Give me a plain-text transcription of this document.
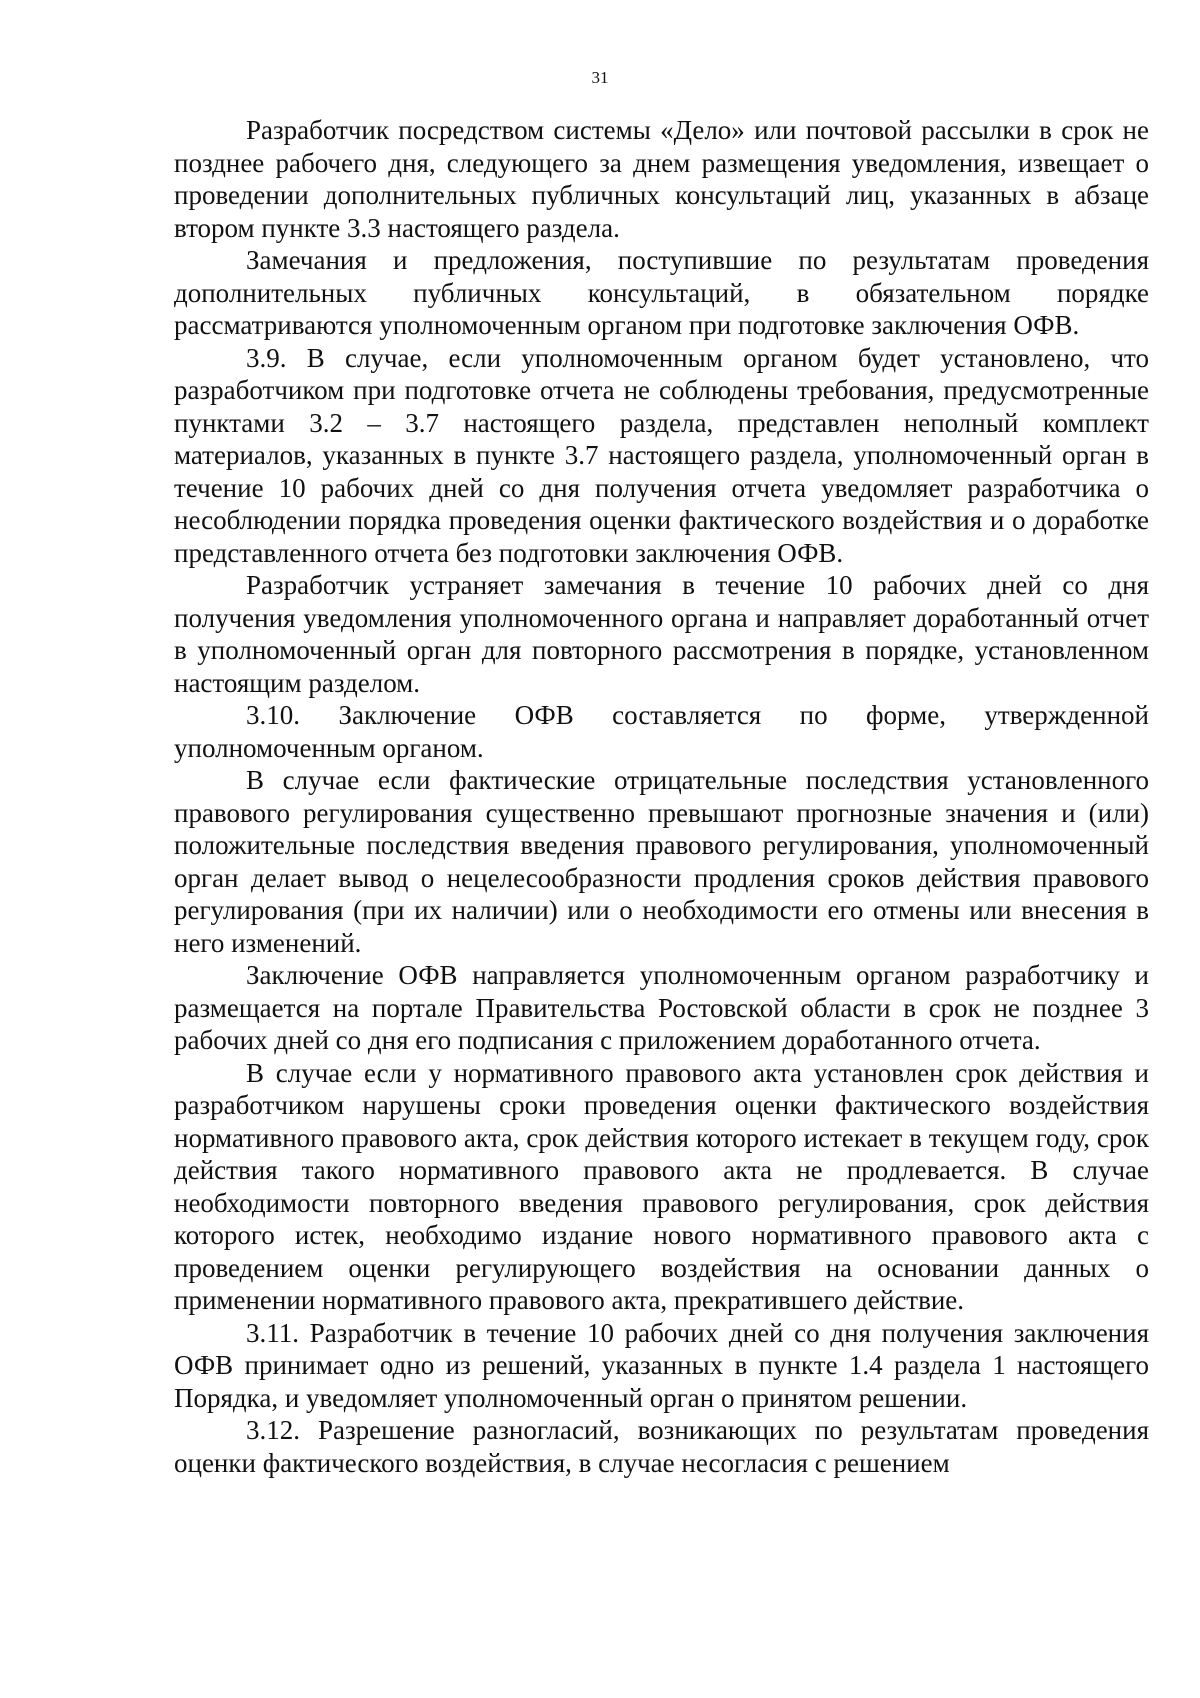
31

Разработчик посредством системы «Дело» или почтовой рассылки в срок не позднее рабочего дня, следующего за днем размещения уведомления, извещает о проведении дополнительных публичных консультаций лиц, указанных в абзаце втором пункте 3.3 настоящего раздела.

Замечания и предложения, поступившие по результатам проведения дополнительных публичных консультаций, в обязательном порядке рассматриваются уполномоченным органом при подготовке заключения ОФВ.

3.9. В случае, если уполномоченным органом будет установлено, что разработчиком при подготовке отчета не соблюдены требования, предусмотренные пунктами 3.2 – 3.7 настоящего раздела, представлен неполный комплект материалов, указанных в пункте 3.7 настоящего раздела, уполномоченный орган в течение 10 рабочих дней со дня получения отчета уведомляет разработчика о несоблюдении порядка проведения оценки фактического воздействия и о доработке представленного отчета без подготовки заключения ОФВ.

Разработчик устраняет замечания в течение 10 рабочих дней со дня получения уведомления уполномоченного органа и направляет доработанный отчет в уполномоченный орган для повторного рассмотрения в порядке, установленном настоящим разделом.

3.10. Заключение ОФВ составляется по форме, утвержденной уполномоченным органом.

В случае если фактические отрицательные последствия установленного правового регулирования существенно превышают прогнозные значения и (или) положительные последствия введения правового регулирования, уполномоченный орган делает вывод о нецелесообразности продления сроков действия правового регулирования (при их наличии) или о необходимости его отмены или внесения в него изменений.

Заключение ОФВ направляется уполномоченным органом разработчику и размещается на портале Правительства Ростовской области в срок не позднее 3 рабочих дней со дня его подписания с приложением доработанного отчета.

В случае если у нормативного правового акта установлен срок действия и разработчиком нарушены сроки проведения оценки фактического воздействия нормативного правового акта, срок действия которого истекает в текущем году, срок действия такого нормативного правового акта не продлевается. В случае необходимости повторного введения правового регулирования, срок действия которого истек, необходимо издание нового нормативного правового акта с проведением оценки регулирующего воздействия на основании данных о применении нормативного правового акта, прекратившего действие.

3.11. Разработчик в течение 10 рабочих дней со дня получения заключения ОФВ принимает одно из решений, указанных в пункте 1.4 раздела 1 настоящего Порядка, и уведомляет уполномоченный орган о принятом решении.

3.12. Разрешение разногласий, возникающих по результатам проведения оценки фактического воздействия, в случае несогласия с решением
